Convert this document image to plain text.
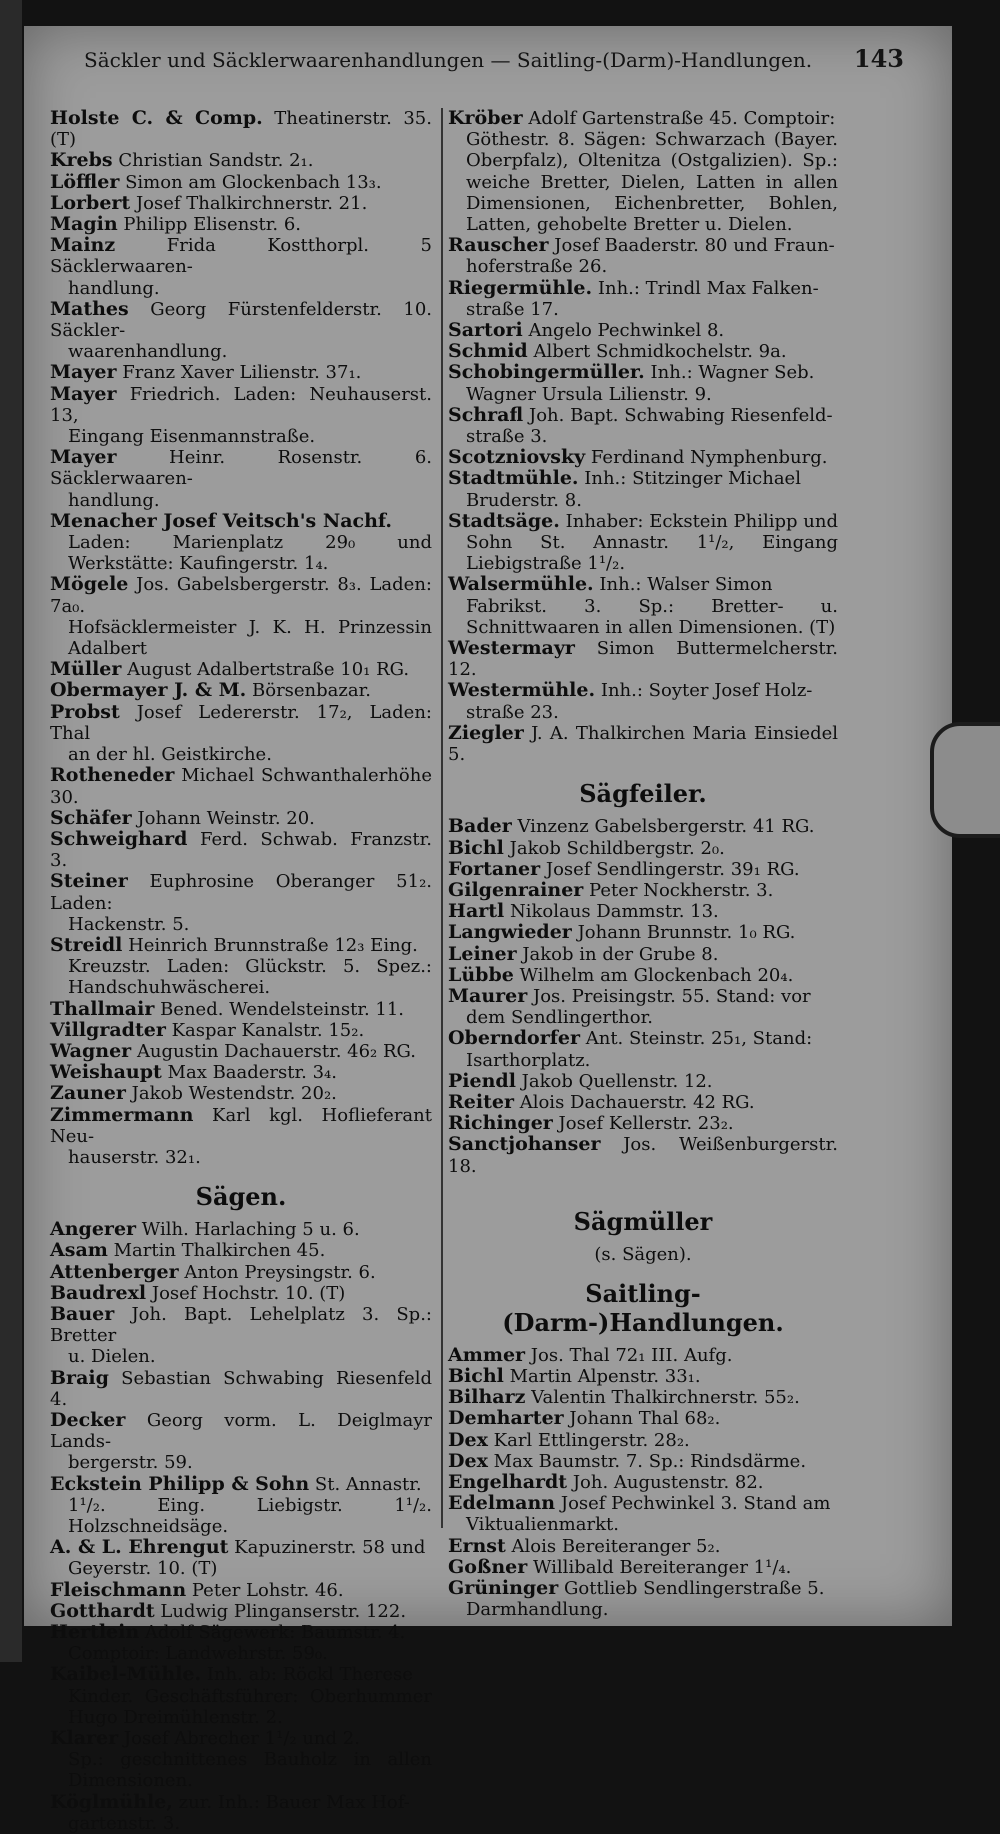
Säckler und Säcklerwaarenhandlungen — Saitling-(Darm)-Handlungen. 143

Holste C. & Comp. Theatinerstr. 35. (T)

Krebs Christian Sandstr. 2₁.

Löffler Simon am Glockenbach 13₃.

Lorbert Josef Thalkirchnerstr. 21.

Magin Philipp Elisenstr. 6.

Mainz	Frida Kostthorpl. 5 Säcklerwaaren-
handlung.

Mathes Georg Fürstenfelderstr. 10. Säckler-
waarenhandlung.

Mayer Franz Xaver Lilienstr. 37₁.

Mayer Friedrich. Laden: Neuhauserst. 13,
Eingang Eisenmannstraße.

Mayer	Heinr. Rosenstr. 6. Säcklerwaaren-
handlung.

Menacher Josef Veitsch's Nachf.
Laden: Marienplatz 29₀ und Werkstätte: Kaufingerstr. 1₄.

Mögele Jos. Gabelsbergerstr. 8₃. Laden: 7a₀.
Hofsäcklermeister J. K. H. Prinzessin Adalbert

Müller August Adalbertstraße 10₁ RG.

Obermayer J. & M. Börsenbazar.

Probst Josef Ledererstr. 17₂, Laden: Thal
an der hl. Geistkirche.

Rotheneder Michael Schwanthalerhöhe 30.

Schäfer Johann Weinstr. 20.

Schweighard Ferd. Schwab. Franzstr. 3.

Steiner Euphrosine Oberanger 51₂. Laden:
Hackenstr. 5.

Streidl Heinrich Brunnstraße 12₃ Eing.
Kreuzstr. Laden: Glückstr. 5. Spez.: Handschuhwäscherei.

Thallmair Bened. Wendelsteinstr. 11.

Villgradter Kaspar Kanalstr. 15₂.

Wagner Augustin Dachauerstr. 46₂ RG.

Weishaupt Max Baaderstr. 3₄.

Zauner Jakob Westendstr. 20₂.

Zimmermann Karl kgl. Hoflieferant Neu-
hauserstr. 32₁.

Sägen.

Angerer Wilh. Harlaching 5 u. 6.

Asam Martin Thalkirchen 45.

Attenberger Anton Preysingstr. 6.

Baudrexl Josef Hochstr. 10. (T)

Bauer Joh. Bapt. Lehelplatz 3. Sp.: Bretter
u. Dielen.

Braig Sebastian Schwabing Riesenfeld 4.

Decker Georg vorm. L. Deiglmayr Lands-
bergerstr. 59.

Eckstein Philipp & Sohn St. Annastr.
1¹/₂. Eing. Liebigstr. 1¹/₂. Holzschneidsäge.

A. & L. Ehrengut Kapuzinerstr. 58 und
Geyerstr. 10. (T)

Fleischmann Peter Lohstr. 46.

Gotthardt Ludwig Plinganserstr. 122.

Hertlein Adolf Sägewerk: Baumstr. 4.
Comptoir: Landwehrstr. 59₀.

Kaibel-Mühle. Inh. ab: Röckl Therese
Kinder. Geschäftsführer: Oberhummer Hugo Dreimühlenstr. 2.

Klarer Josef Abrecher 1¹/₂ und 2.
Sp.: geschnittenes Bauholz in allen Dimensionen.

Köglmühle, zur. Inh.: Bauer Max Hof-
gartenstr. 3.

Kröber Adolf Gartenstraße 45. Comptoir:
Göthestr. 8. Sägen: Schwarzach (Bayer. Oberpfalz), Oltenitza (Ostgalizien). Sp.: weiche Bretter, Dielen, Latten in allen Dimensionen, Eichenbretter, Bohlen, Latten, gehobelte Bretter u. Dielen.

Rauscher Josef Baaderstr. 80 und Fraun-
hoferstraße 26.

Riegermühle. Inh.: Trindl Max Falken-
straße 17.

Sartori Angelo Pechwinkel 8.

Schmid Albert Schmidkochelstr. 9a.

Schobingermüller. Inh.: Wagner Seb.
Wagner Ursula Lilienstr. 9.

Schrafl Joh. Bapt. Schwabing Riesenfeld-
straße 3.

Scotzniovsky Ferdinand Nymphenburg.

Stadtmühle. Inh.: Stitzinger Michael
Bruderstr. 8.

Stadtsäge. Inhaber: Eckstein Philipp und
Sohn St. Annastr. 1¹/₂, Eingang Liebigstraße 1¹/₂.

Walsermühle. Inh.: Walser Simon
Fabrikst. 3. Sp.: Bretter- u. Schnittwaaren in allen Dimensionen. (T)

Westermayr Simon Buttermelcherstr. 12.

Westermühle. Inh.: Soyter Josef Holz-
straße 23.

Ziegler J. A. Thalkirchen Maria Einsiedel 5.

Sägfeiler.

Bader Vinzenz Gabelsbergerstr. 41 RG.

Bichl Jakob Schildbergstr. 2₀.

Fortaner Josef Sendlingerstr. 39₁ RG.

Gilgenrainer Peter Nockherstr. 3.

Hartl Nikolaus Dammstr. 13.

Langwieder Johann Brunnstr. 1₀ RG.

Leiner Jakob in der Grube 8.

Lübbe Wilhelm am Glockenbach 20₄.

Maurer Jos. Preisingstr. 55. Stand: vor
dem Sendlingerthor.

Oberndorfer Ant. Steinstr. 25₁, Stand:
Isarthorplatz.

Piendl Jakob Quellenstr. 12.

Reiter Alois Dachauerstr. 42 RG.

Richinger Josef Kellerstr. 23₂.

Sanctjohanser Jos. Weißenburgerstr. 18.

Sägmüller
(s. Sägen).
Saitling-(Darm-)Handlungen.

Ammer Jos. Thal 72₁ III. Aufg.

Bichl Martin Alpenstr. 33₁.

Bilharz Valentin Thalkirchnerstr. 55₂.

Demharter Johann Thal 68₂.

Dex Karl Ettlingerstr. 28₂.

Dex Max Baumstr. 7. Sp.: Rindsdärme.

Engelhardt Joh. Augustenstr. 82.

Edelmann Josef Pechwinkel 3. Stand am
Viktualienmarkt.

Ernst Alois Bereiteranger 5₂.

Goßner Willibald Bereiteranger 1¹/₄.

Grüninger Gottlieb Sendlingerstraße 5.
Darmhandlung.
